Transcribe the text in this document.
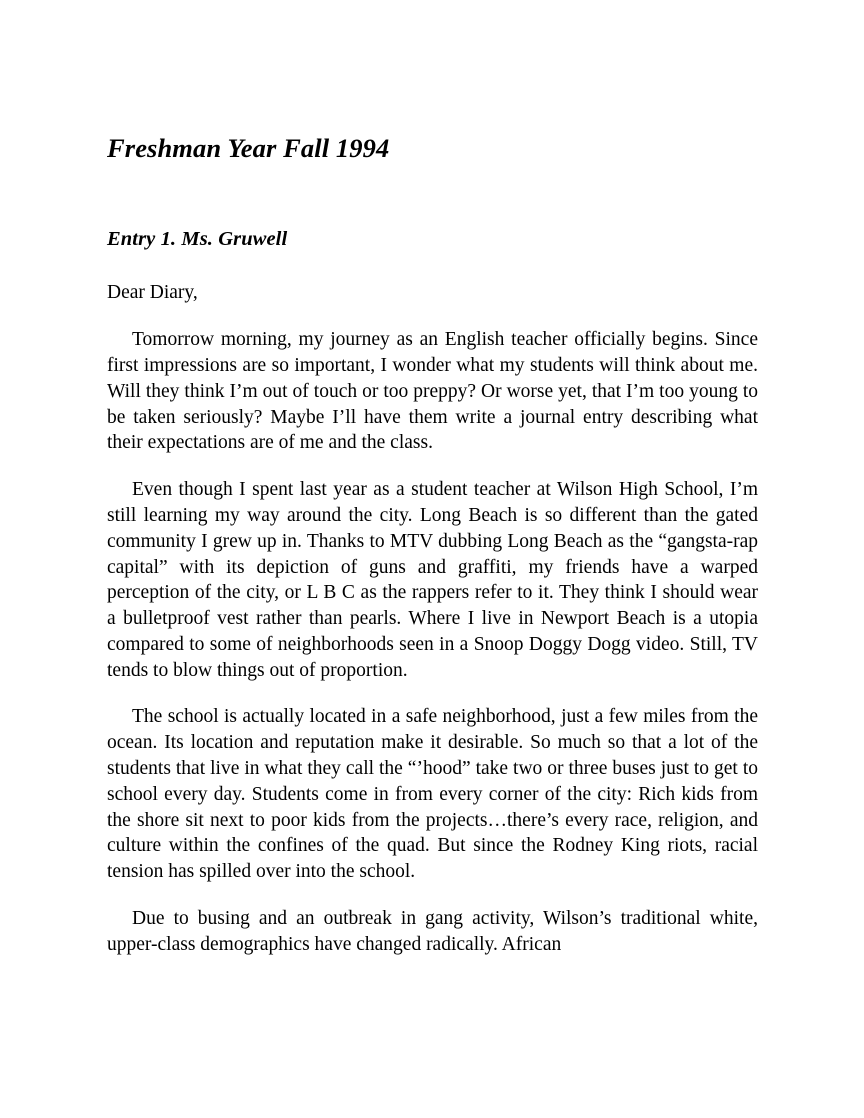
Freshman Year Fall 1994
Entry 1. Ms. Gruwell

Dear Diary,

Tomorrow morning, my journey as an English teacher officially begins. Since first impressions are so important, I wonder what my students will think about me. Will they think I’m out of touch or too preppy? Or worse yet, that I’m too young to be taken seriously? Maybe I’ll have them write a journal entry describing what their expectations are of me and the class.

Even though I spent last year as a student teacher at Wilson High School, I’m still learning my way around the city. Long Beach is so different than the gated community I grew up in. Thanks to MTV dubbing Long Beach as the “gangsta-rap capital” with its depiction of guns and graffiti, my friends have a warped perception of the city, or L B C as the rappers refer to it. They think I should wear a bulletproof vest rather than pearls. Where I live in Newport Beach is a utopia compared to some of neighborhoods seen in a Snoop Doggy Dogg video. Still, TV tends to blow things out of proportion.

The school is actually located in a safe neighborhood, just a few miles from the ocean. Its location and reputation make it desirable. So much so that a lot of the students that live in what they call the “’hood” take two or three buses just to get to school every day. Students come in from every corner of the city: Rich kids from the shore sit next to poor kids from the projects…there’s every race, religion, and culture within the confines of the quad. But since the Rodney King riots, racial tension has spilled over into the school.

Due to busing and an outbreak in gang activity, Wilson’s traditional white, upper-class demographics have changed radically. African
